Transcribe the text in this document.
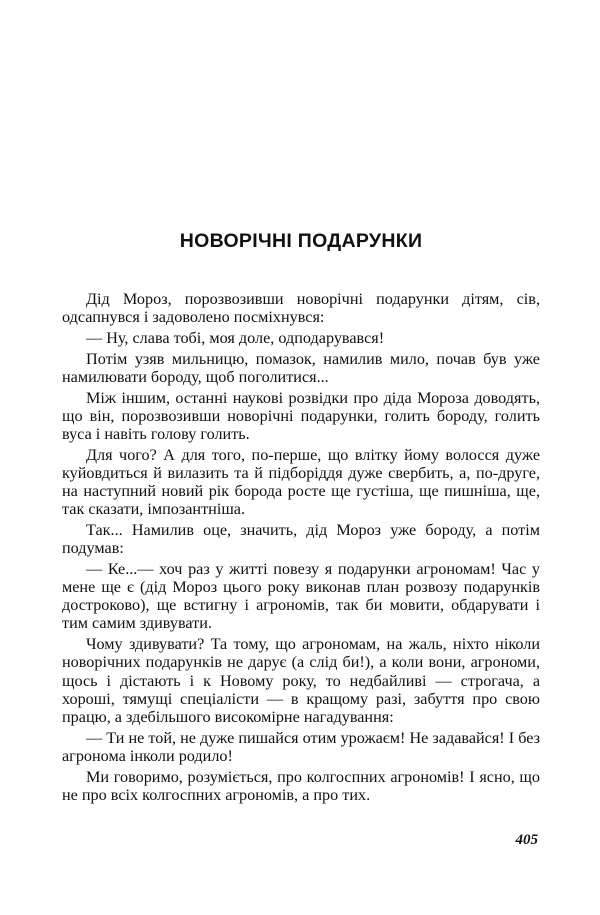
НОВОРІЧНІ ПОДАРУНКИ

Дід Мороз, порозвозивши новорічні подарунки дітям, сів, одсапнувся і задоволено посміхнувся:

— Ну, слава тобі, моя доле, одподарувався!

Потім узяв мильницю, помазок, намилив мило, почав був уже намилювати бороду, щоб поголитися...

Між іншим, останні наукові розвідки про діда Мороза доводять, що він, порозвозивши новорічні подарунки, голить бороду, голить вуса і навіть голову голить.

Для чого? А для того, по-перше, що влітку йому волосся дуже куйовдиться й вилазить та й підборіддя дуже свербить, а, по-друге, на наступний новий рік борода росте ще густіша, ще пишніша, ще, так сказати, імпозантніша.

Так... Намилив оце, значить, дід Мороз уже бороду, а потім подумав:

— Ке...— хоч раз у житті повезу я подарунки агрономам! Час у мене ще є (дід Мороз цього року виконав план розвозу подарунків достроково), ще встигну і агрономів, так би мовити, обдарувати і тим самим здивувати.

Чому здивувати? Та тому, що агрономам, на жаль, ніхто ніколи новорічних подарунків не дарує (а слід би!), а коли вони, агрономи, щось і дістають і к Новому року, то недбайливі — строгача, а хороші, тямущі спеціалісти — в кращому разі, забуття про свою працю, а здебільшого високомірне нагадування:

— Ти не той, не дуже пишайся отим урожаєм! Не задавайся! І без агронома інколи родило!

Ми говоримо, розуміється, про колгоспних агрономів! І ясно, що не про всіх колгоспних агрономів, а про тих.

405
